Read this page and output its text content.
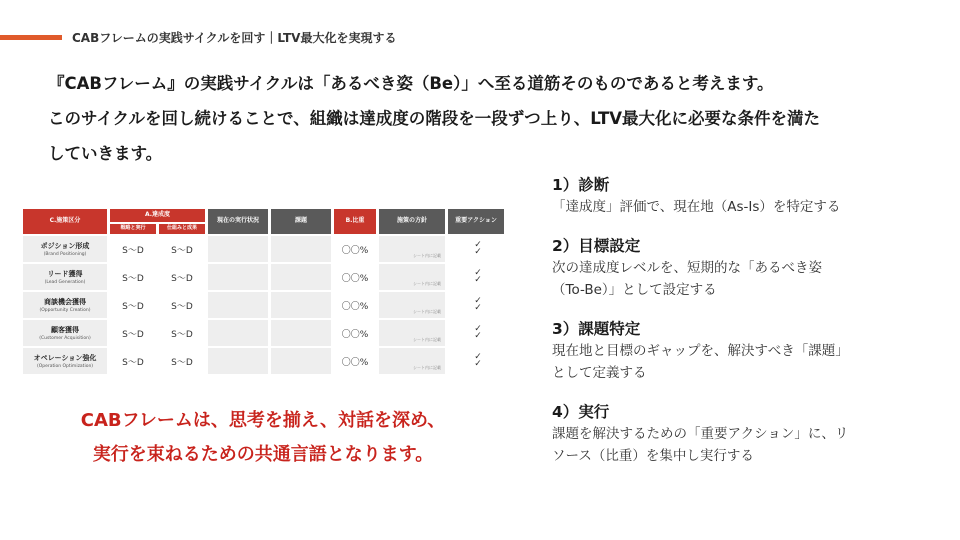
CABフレームの実践サイクルを回す｜LTV最大化を実現する

『CABフレーム』の実践サイクルは「あるべき姿（Be）」へ至る道筋そのものであると考えます。

このサイクルを回し続けることで、組織は達成度の階段を一段ずつ上り、LTV最大化に必要な条件を満た

していきます。

C.施策区分	A.達成度		現在の実行状況	課題	B.比重	施策の方針	重要アクション
	戦略と実行	仕組みと成果					

ポジション形成
(Brand Positioning)	S～D	S～D			〇〇%	シート内に記載	✓
✓

リード獲得
(Lead Generation)	S～D	S～D			〇〇%	シート内に記載	✓
✓

商談機会獲得
(Opportunity Creation)	S～D	S～D			〇〇%	シート内に記載	✓
✓

顧客獲得
(Customer Acquisition)	S～D	S～D			〇〇%	シート内に記載	✓
✓

オペレーション強化
(Operation Optimization)	S～D	S～D			〇〇%	シート内に記載	✓
✓
CABフレームは、思考を揃え、対話を深め、
実行を束ねるための共通言語となります。
1）診断
「達成度」評価で、現在地（As-Is）を特定する
2）目標設定
次の達成度レベルを、短期的な「あるべき姿
（To-Be）」として設定する
3）課題特定
現在地と目標のギャップを、解決すべき「課題」
として定義する
4）実行
課題を解決するための「重要アクション」に、リ
ソース（比重）を集中し実行する
